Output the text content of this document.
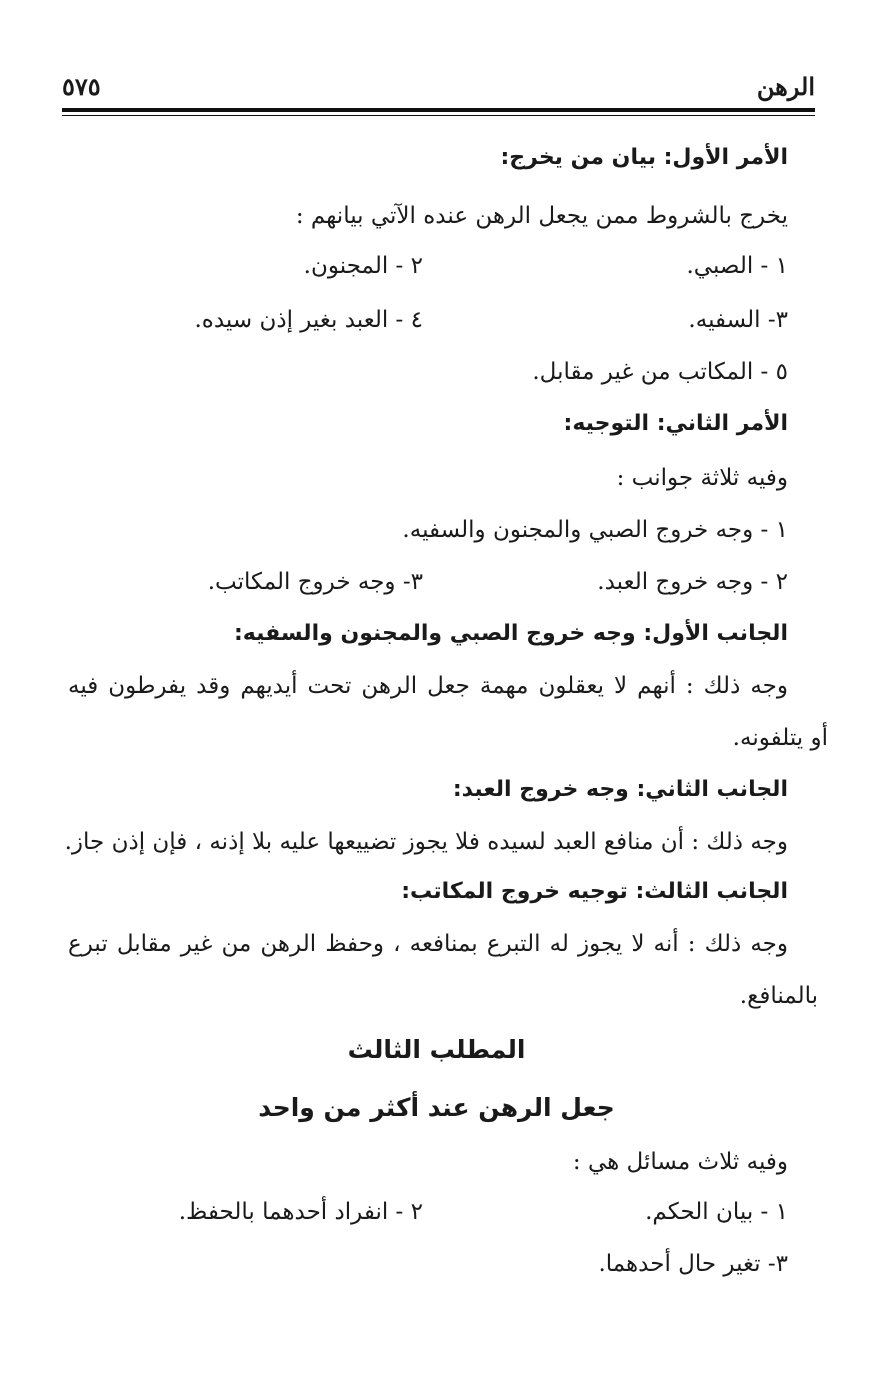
الرهن
٥٧٥
الأمر الأول: بيان من يخرج:
يخرج بالشروط ممن يجعل الرهن عنده الآتي بيانهم :
١ - الصبي.
٢ - المجنون.
٣- السفيه.
٤ - العبد بغير إذن سيده.
٥ - المكاتب من غير مقابل.
الأمر الثاني: التوجيه:
وفيه ثلاثة جوانب :
١ - وجه خروج الصبي والمجنون والسفيه.
٢ - وجه خروج العبد.
٣- وجه خروج المكاتب.
الجانب الأول: وجه خروج الصبي والمجنون والسفيه:
وجه ذلك : أنهم لا يعقلون مهمة جعل الرهن تحت أيديهم وقد يفرطون فيه
أو يتلفونه.
الجانب الثاني: وجه خروج العبد:
وجه ذلك : أن منافع العبد لسيده فلا يجوز تضييعها عليه بلا إذنه ، فإن إذن جاز.
الجانب الثالث: توجيه خروج المكاتب:
وجه ذلك : أنه لا يجوز له التبرع بمنافعه ، وحفظ الرهن من غير مقابل تبرع
بالمنافع.
المطلب الثالث
جعل الرهن عند أكثر من واحد
وفيه ثلاث مسائل هي :
١ - بيان الحكم.
٢ - انفراد أحدهما بالحفظ.
٣- تغير حال أحدهما.
